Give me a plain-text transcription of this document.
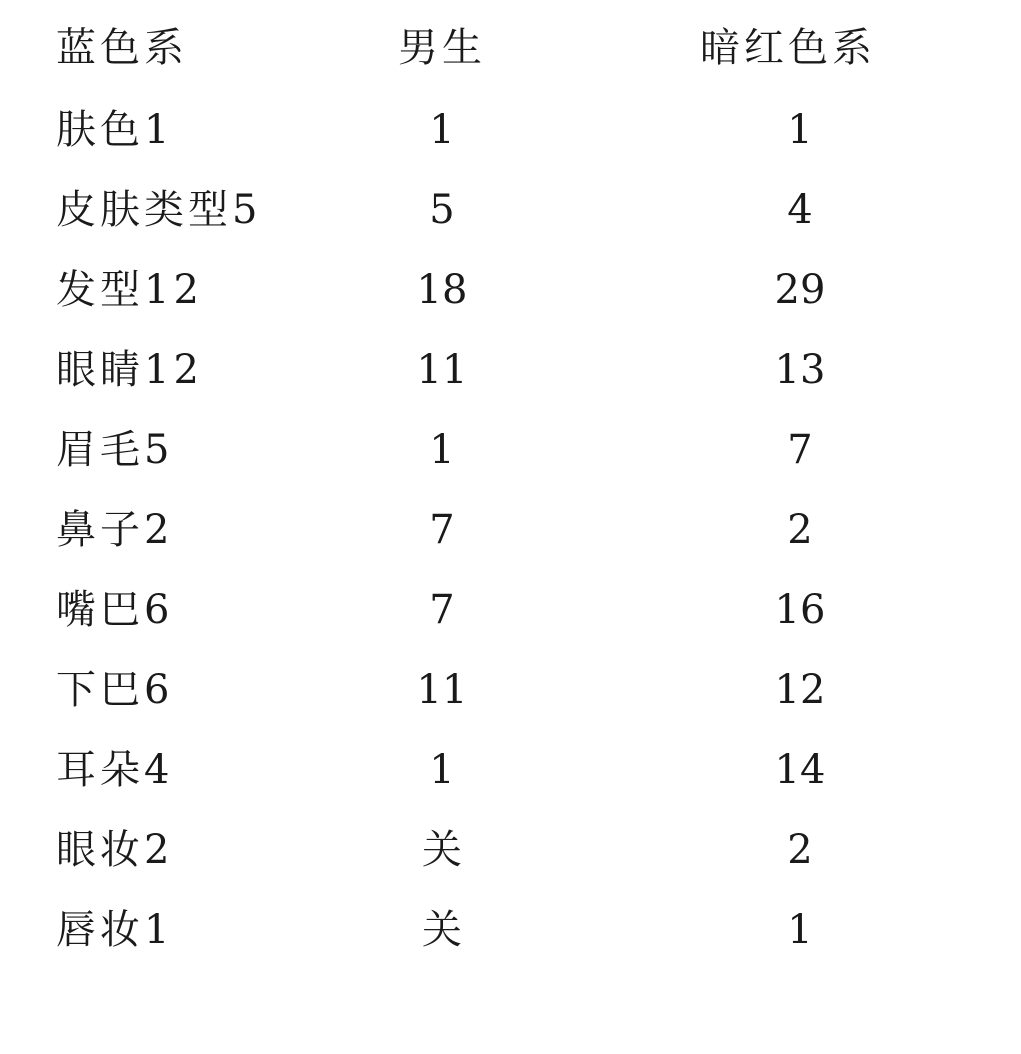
蓝色系	男生	暗红色系
肤色1	1	1
皮肤类型5	5	4
发型12	18	29
眼睛12	11	13
眉毛5	1	7
鼻子2	7	2
嘴巴6	7	16
下巴6	11	12
耳朵4	1	14
眼妆2	关	2
唇妆1	关	1
